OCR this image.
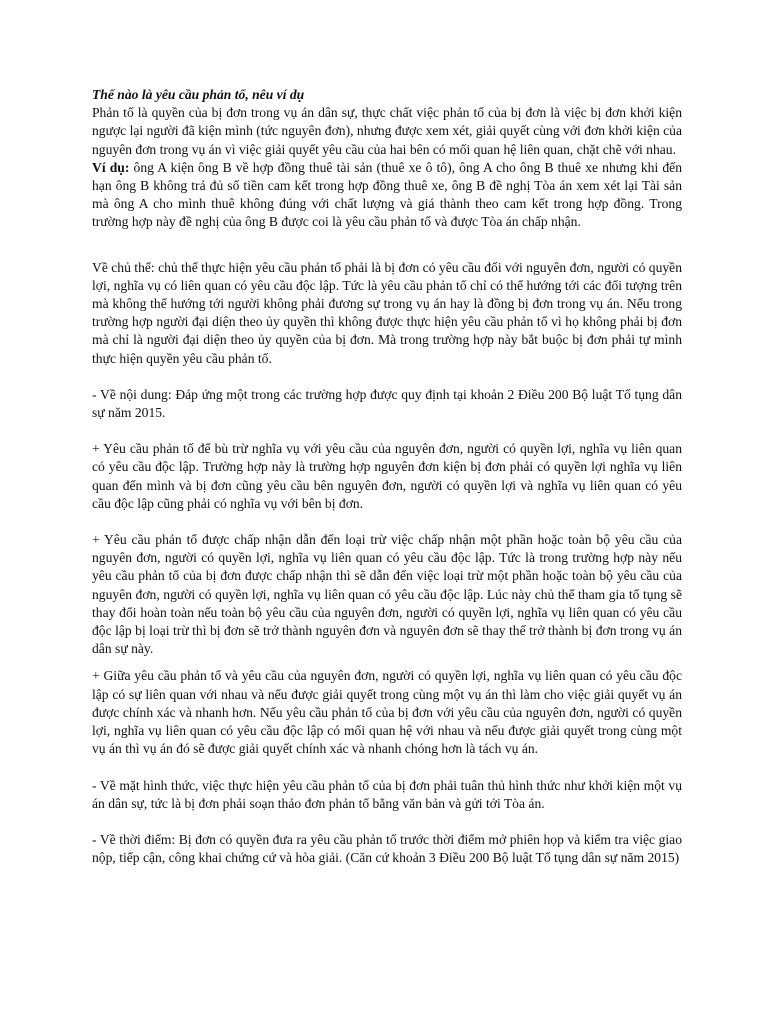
Thế nào là yêu cầu phản tố, nêu ví dụ

Phản tố là quyền của bị đơn trong vụ án dân sự, thực chất việc phản tố của bị đơn là việc bị đơn khởi kiện ngược lại người đã kiện mình (tức nguyên đơn), nhưng được xem xét, giải quyết cùng với đơn khởi kiện của nguyên đơn trong vụ án vì việc giải quyết yêu cầu của hai bên có mối quan hệ liên quan, chặt chẽ với nhau.

Ví dụ: ông A kiện ông B về hợp đồng thuê tài sản (thuê xe ô tô), ông A cho ông B thuê xe nhưng khi đến hạn ông B không trả đủ số tiền cam kết trong hợp đồng thuê xe, ông B đề nghị Tòa án xem xét lại Tài sản mà ông A cho mình thuê không đúng với chất lượng và giá thành theo cam kết trong hợp đồng. Trong trường hợp này đề nghị của ông B được coi là yêu cầu phản tố và được Tòa án chấp nhận.

Về chủ thể: chủ thể thực hiện yêu cầu phản tố phải là bị đơn có yêu cầu đối với nguyên đơn, người có quyền lợi, nghĩa vụ có liên quan có yêu cầu độc lập. Tức là yêu cầu phản tố chỉ có thể hướng tới các đối tượng trên mà không thể hướng tới người không phải đương sự trong vụ án hay là đồng bị đơn trong vụ án. Nếu trong trường hợp người đại diện theo ủy quyền thì không được thực hiện yêu cầu phản tố vì họ không phải bị đơn mà chỉ là người đại diện theo ủy quyền của bị đơn. Mà trong trường hợp này bắt buộc bị đơn phải tự mình thực hiện quyền yêu cầu phản tố.

- Về nội dung: Đáp ứng một trong các trường hợp được quy định tại khoản 2 Điều 200 Bộ luật Tố tụng dân sự năm 2015.

+ Yêu cầu phản tố để bù trừ nghĩa vụ với yêu cầu của nguyên đơn, người có quyền lợi, nghĩa vụ liên quan có yêu cầu độc lập. Trường hợp này là trường hợp nguyên đơn kiện bị đơn phải có quyền lợi nghĩa vụ liên quan đến mình và bị đơn cũng yêu cầu bên nguyên đơn, người có quyền lợi và nghĩa vụ liên quan có yêu cầu độc lập cũng phải có nghĩa vụ với bên bị đơn.

+ Yêu cầu phản tố được chấp nhận dẫn đến loại trừ việc chấp nhận một phần hoặc toàn bộ yêu cầu của nguyên đơn, người có quyền lợi, nghĩa vụ liên quan có yêu cầu độc lập. Tức là trong trường hợp này nếu yêu cầu phản tố của bị đơn được chấp nhận thì sẽ dẫn đến việc loại trừ một phần hoặc toàn bộ yêu cầu của nguyên đơn, người có quyền lợi, nghĩa vụ liên quan có yêu cầu độc lập. Lúc này chủ thể tham gia tố tụng sẽ thay đổi hoàn toàn nếu toàn bộ yêu cầu của nguyên đơn, người có quyền lợi, nghĩa vụ liên quan có yêu cầu độc lập bị loại trừ thì bị đơn sẽ trở thành nguyên đơn và nguyên đơn sẽ thay thế trở thành bị đơn trong vụ án dân sự này.

+ Giữa yêu cầu phản tố và yêu cầu của nguyên đơn, người có quyền lợi, nghĩa vụ liên quan có yêu cầu độc lập có sự liên quan với nhau và nếu được giải quyết trong cùng một vụ án thì làm cho việc giải quyết vụ án được chính xác và nhanh hơn. Nếu yêu cầu phản tố của bị đơn với yêu cầu của nguyên đơn, người có quyền lợi, nghĩa vụ liên quan có yêu cầu độc lập có mối quan hệ với nhau và nếu được giải quyết trong cùng một vụ án thì vụ án đó sẽ được giải quyết chính xác và nhanh chóng hơn là tách vụ án.

- Về mặt hình thức, việc thực hiện yêu cầu phản tố của bị đơn phải tuân thủ hình thức như khởi kiện một vụ án dân sự, tức là bị đơn phải soạn thảo đơn phản tố bằng văn bản và gửi tới Tòa án.

- Về thời điểm: Bị đơn có quyền đưa ra yêu cầu phản tố trước thời điểm mở phiên họp và kiểm tra việc giao nộp, tiếp cận, công khai chứng cứ và hòa giải. (Căn cứ khoản 3 Điều 200 Bộ luật Tố tụng dân sự năm 2015)
